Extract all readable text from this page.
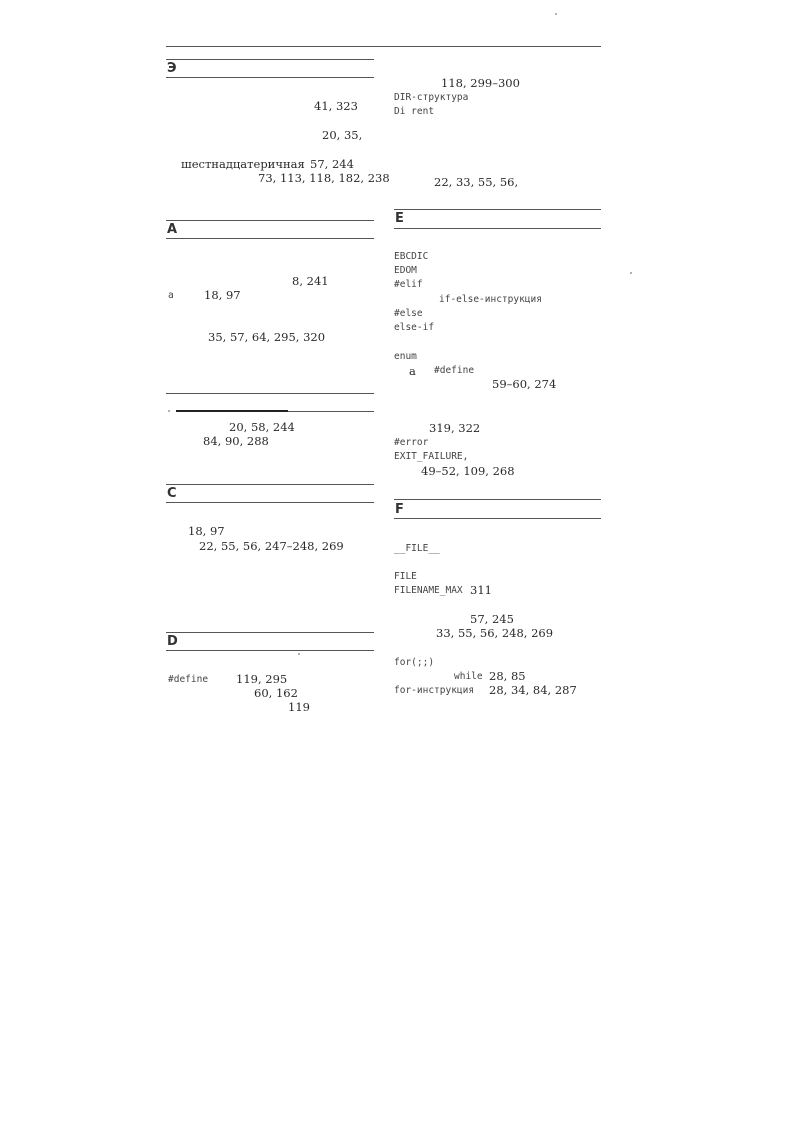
Э
41, 323
20, 35,
шестнадцатеричная 57, 244
73, 113, 118, 182, 238
A
8, 241
a	18, 97
35, 57, 64, 295, 320
20, 58, 244
84, 90, 288
C
18, 97
22, 55, 56, 247–248, 269
D
#define 119, 295
60, 162
119
118, 299–300
DIR-структура
Di rent
22, 33, 55, 56,
E
EBCDIC
EDOM
#elif
if-else-инструкция
#else
else-if
enum
а #define
59–60, 274
319, 322
#error
EXIT_FAILURE,
49–52, 109, 268
F
__FILE__
FILE
FILENAME_MAX 311
57, 245
33, 55, 56, 248, 269
for(;;)
while 28, 85
for-инструкция 28, 34, 84, 287
